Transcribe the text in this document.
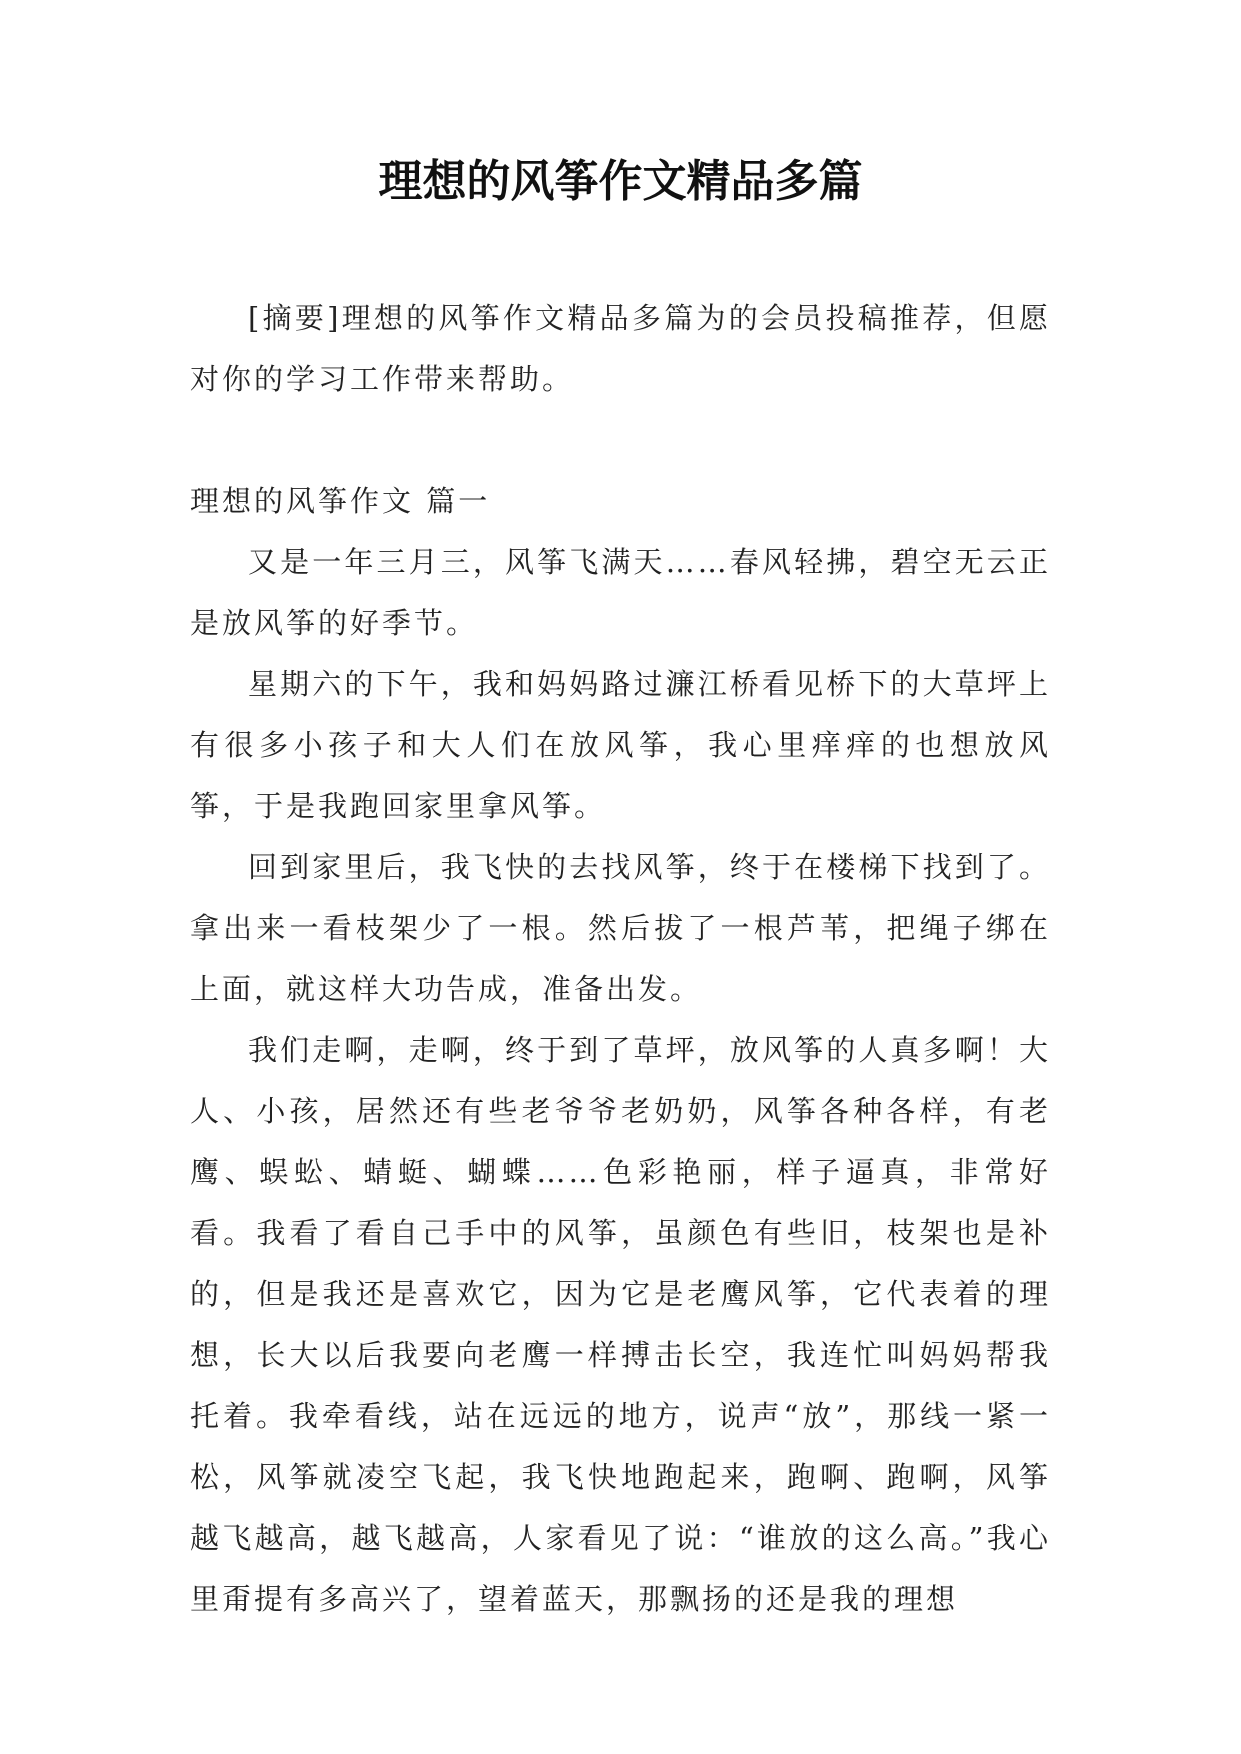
理想的风筝作文精品多篇

[摘要]理想的风筝作文精品多篇为的会员投稿推荐，但愿对你的学习工作带来帮助。

理想的风筝作文 篇一

又是一年三月三，风筝飞满天……春风轻拂，碧空无云正是放风筝的好季节。

星期六的下午，我和妈妈路过濂江桥看见桥下的大草坪上有很多小孩子和大人们在放风筝，我心里痒痒的也想放风筝，于是我跑回家里拿风筝。

回到家里后，我飞快的去找风筝，终于在楼梯下找到了。拿出来一看枝架少了一根。然后拔了一根芦苇，把绳子绑在上面，就这样大功告成，准备出发。

我们走啊，走啊，终于到了草坪，放风筝的人真多啊！大人、小孩，居然还有些老爷爷老奶奶，风筝各种各样，有老鹰、蜈蚣、蜻蜓、蝴蝶……色彩艳丽，样子逼真，非常好看。我看了看自己手中的风筝，虽颜色有些旧，枝架也是补的，但是我还是喜欢它，因为它是老鹰风筝，它代表着的理想，长大以后我要向老鹰一样搏击长空，我连忙叫妈妈帮我托着。我牵看线，站在远远的地方，说声“放”，那线一紧一松，风筝就凌空飞起，我飞快地跑起来，跑啊、跑啊，风筝越飞越高，越飞越高，人家看见了说：“谁放的这么高。”我心里甭提有多高兴了，望着蓝天，那飘扬的还是我的理想
